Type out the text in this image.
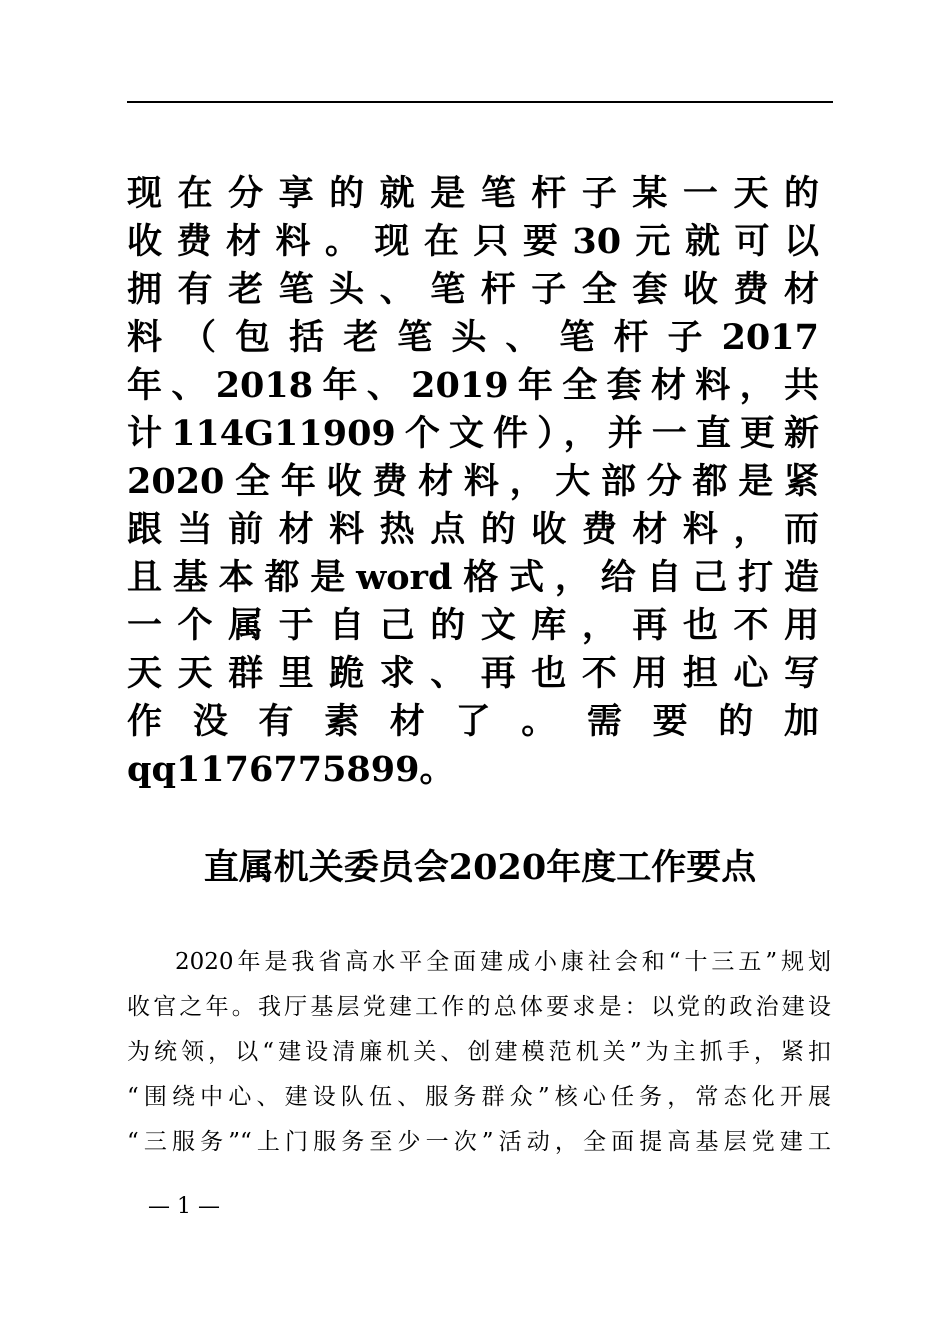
现在分享的就是笔杆子某一天的
收费材料。现在只要30元就可以
拥有老笔头、笔杆子全套收费材
料（包括老笔头、笔杆子2017
年、2018年、2019年全套材料，共
计114G11909个文件），并一直更新
2020全年收费材料，大部分都是紧
跟当前材料热点的收费材料，而
且基本都是word格式，给自己打造
一个属于自己的文库，再也不用
天天群里跪求、再也不用担心写
作没有素材了。需要的加
qq1176775899。
直属机关委员会2020年度工作要点
2020年是我省高水平全面建成小康社会和“十三五”规划
收官之年。我厅基层党建工作的总体要求是：以党的政治建设
为统领，以“建设清廉机关、创建模范机关”为主抓手，紧扣
“围绕中心、建设队伍、服务群众”核心任务，常态化开展
“三服务”“上门服务至少一次”活动，全面提高基层党建工
— 1 —
